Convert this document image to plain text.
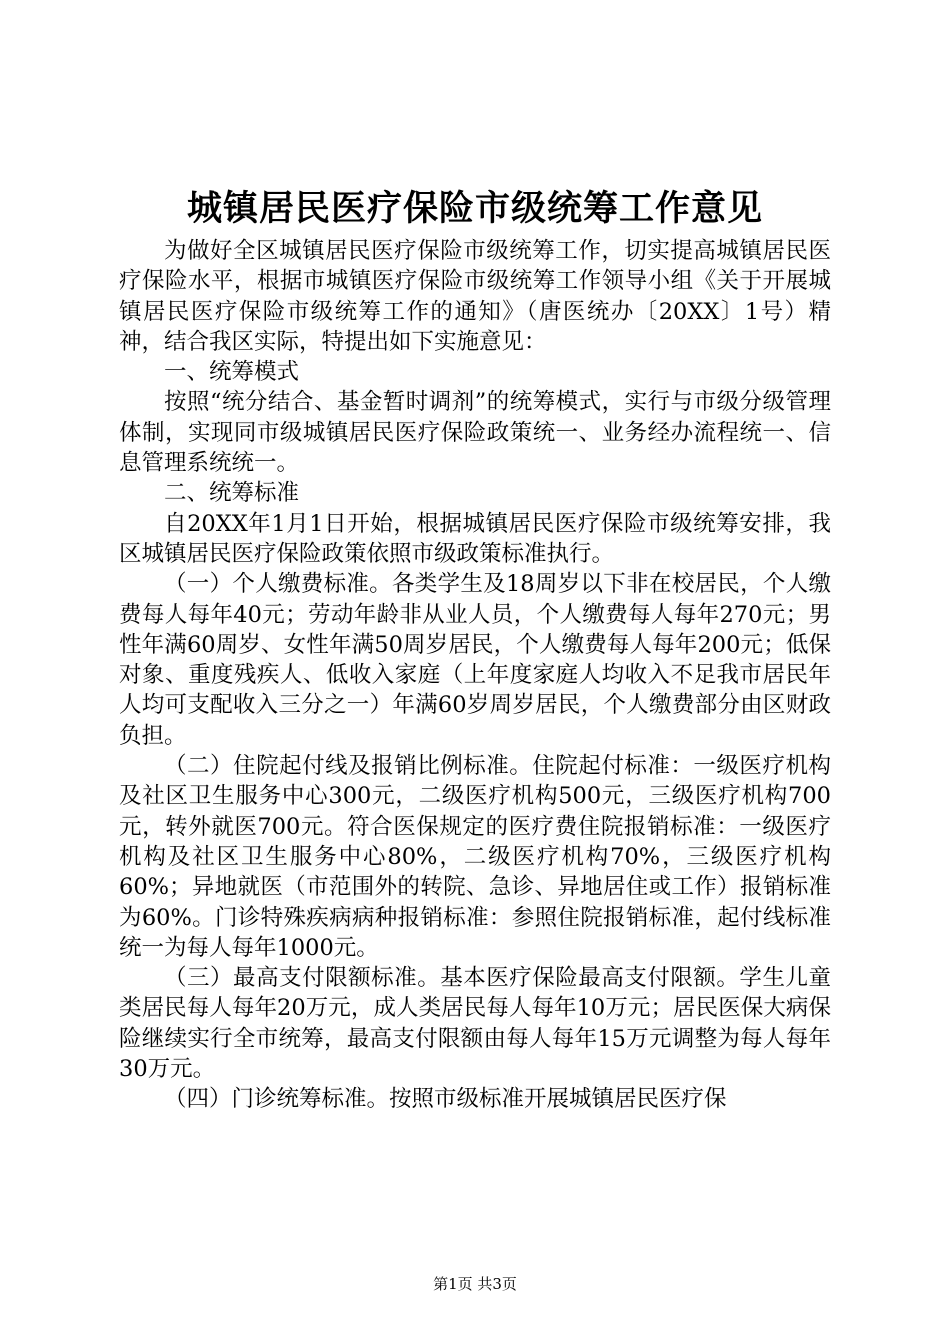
城镇居民医疗保险市级统筹工作意见

为做好全区城镇居民医疗保险市级统筹工作，切实提高城镇居民医疗保险水平，根据市城镇医疗保险市级统筹工作领导小组《关于开展城镇居民医疗保险市级统筹工作的通知》（唐医统办〔20XX〕1号）精神，结合我区实际，特提出如下实施意见：

一、统筹模式

按照“统分结合、基金暂时调剂”的统筹模式，实行与市级分级管理体制，实现同市级城镇居民医疗保险政策统一、业务经办流程统一、信息管理系统统一。

二、统筹标准

自20XX年1月1日开始，根据城镇居民医疗保险市级统筹安排，我区城镇居民医疗保险政策依照市级政策标准执行。

（一）个人缴费标准。各类学生及18周岁以下非在校居民，个人缴费每人每年40元；劳动年龄非从业人员，个人缴费每人每年270元；男性年满60周岁、女性年满50周岁居民，个人缴费每人每年200元；低保对象、重度残疾人、低收入家庭（上年度家庭人均收入不足我市居民年人均可支配收入三分之一）年满60岁周岁居民，个人缴费部分由区财政负担。

（二）住院起付线及报销比例标准。住院起付标准：一级医疗机构及社区卫生服务中心300元，二级医疗机构500元，三级医疗机构700元，转外就医700元。符合医保规定的医疗费住院报销标准：一级医疗机构及社区卫生服务中心80%，二级医疗机构70%，三级医疗机构60%；异地就医（市范围外的转院、急诊、异地居住或工作）报销标准为60%。门诊特殊疾病病种报销标准：参照住院报销标准，起付线标准统一为每人每年1000元。

（三）最高支付限额标准。基本医疗保险最高支付限额。学生儿童类居民每人每年20万元，成人类居民每人每年10万元；居民医保大病保险继续实行全市统筹，最高支付限额由每人每年15万元调整为每人每年30万元。

（四）门诊统筹标准。按照市级标准开展城镇居民医疗保

第1页 共3页
